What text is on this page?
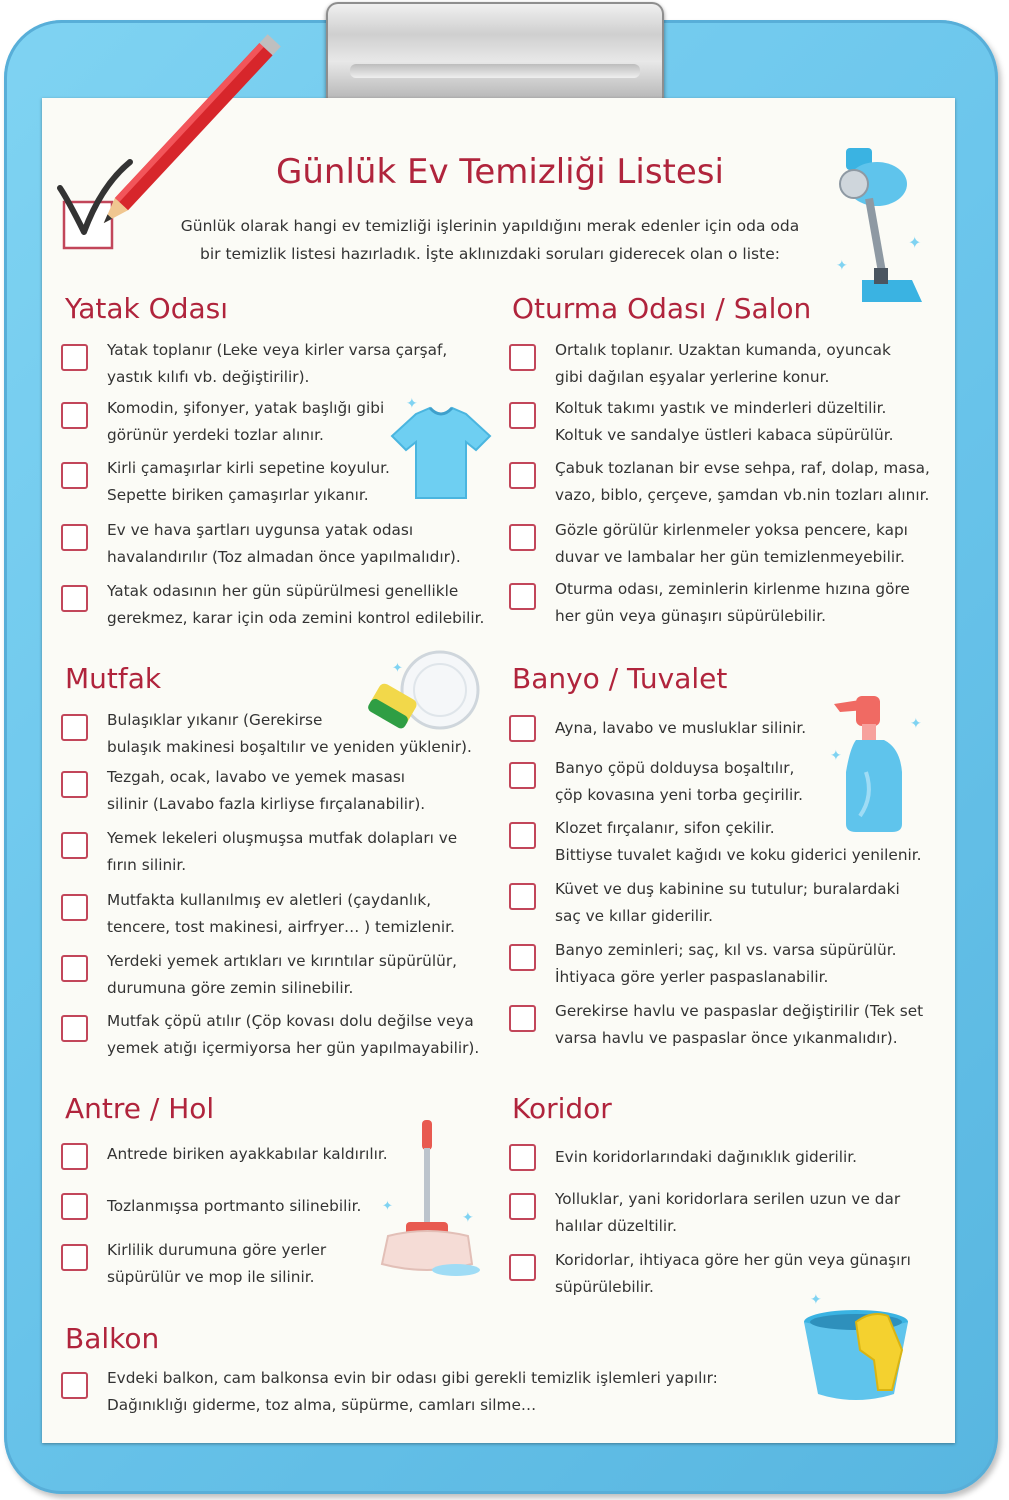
Günlük Ev Temizliği Listesi
Günlük olarak hangi ev temizliği işlerinin yapıldığını merak edenler için oda oda
bir temizlik listesi hazırladık. İşte aklınızdaki soruları giderecek olan o liste:
✦
✦
✦
✦
✦
✦
✦
✦
✦
Yatak Odası	Oturma Odası / Salon
Mutfak	Banyo / Tuvalet
Antre / Hol	Koridor
Balkon
Yatak toplanır (Leke veya kirler varsa çarşaf,
yastık kılıfı vb. değiştirilir).
Komodin, şifonyer, yatak başlığı gibi
görünür yerdeki tozlar alınır.
Kirli çamaşırlar kirli sepetine koyulur.
Sepette biriken çamaşırlar yıkanır.
Ev ve hava şartları uygunsa yatak odası
havalandırılır (Toz almadan önce yapılmalıdır).
Yatak odasının her gün süpürülmesi genellikle
gerekmez, karar için oda zemini kontrol edilebilir.
Ortalık toplanır. Uzaktan kumanda, oyuncak
gibi dağılan eşyalar yerlerine konur.
Koltuk takımı yastık ve minderleri düzeltilir.
Koltuk ve sandalye üstleri kabaca süpürülür.
Çabuk tozlanan bir evse sehpa, raf, dolap, masa,
vazo, biblo, çerçeve, şamdan vb.nin tozları alınır.
Gözle görülür kirlenmeler yoksa pencere, kapı
duvar ve lambalar her gün temizlenmeyebilir.
Oturma odası, zeminlerin kirlenme hızına göre
her gün veya günaşırı süpürülebilir.
Bulaşıklar yıkanır (Gerekirse
bulaşık makinesi boşaltılır ve yeniden yüklenir).
Tezgah, ocak, lavabo ve yemek masası
silinir (Lavabo fazla kirliyse fırçalanabilir).
Yemek lekeleri oluşmuşsa mutfak dolapları ve
fırın silinir.
Mutfakta kullanılmış ev aletleri (çaydanlık,
tencere, tost makinesi, airfryer… ) temizlenir.
Yerdeki yemek artıkları ve kırıntılar süpürülür,
durumuna göre zemin silinebilir.
Mutfak çöpü atılır (Çöp kovası dolu değilse veya
yemek atığı içermiyorsa her gün yapılmayabilir).
Ayna, lavabo ve musluklar silinir.
Banyo çöpü dolduysa boşaltılır,
çöp kovasına yeni torba geçirilir.
Klozet fırçalanır, sifon çekilir.
Bittiyse tuvalet kağıdı ve koku giderici yenilenir.
Küvet ve duş kabinine su tutulur; buralardaki
saç ve kıllar giderilir.
Banyo zeminleri; saç, kıl vs. varsa süpürülür.
İhtiyaca göre yerler paspaslanabilir.
Gerekirse havlu ve paspaslar değiştirilir (Tek set
varsa havlu ve paspaslar önce yıkanmalıdır).
Antrede biriken ayakkabılar kaldırılır.
Tozlanmışsa portmanto silinebilir.
Kirlilik durumuna göre yerler
süpürülür ve mop ile silinir.
Evin koridorlarındaki dağınıklık giderilir.
Yolluklar, yani koridorlara serilen uzun ve dar
halılar düzeltilir.
Koridorlar, ihtiyaca göre her gün veya günaşırı
süpürülebilir.
Evdeki balkon, cam balkonsa evin bir odası gibi gerekli temizlik işlemleri yapılır:
Dağınıklığı giderme, toz alma, süpürme, camları silme…
